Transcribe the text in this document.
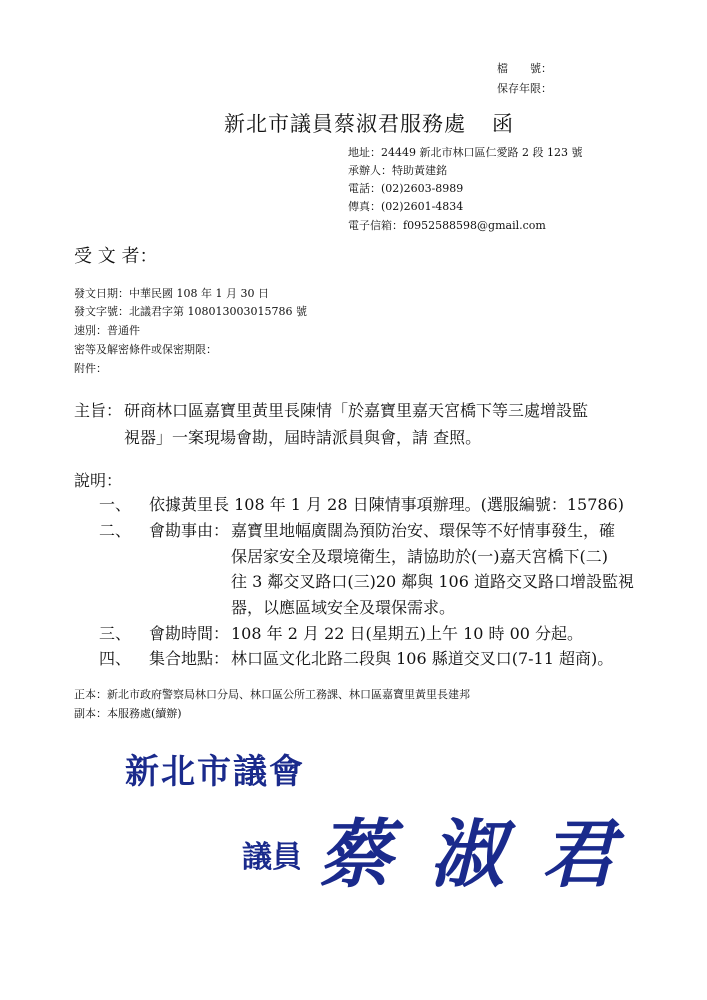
檔　　號：
保存年限：
新北市議員蔡淑君服務處 函
地址：24449 新北市林口區仁愛路 2 段 123 號
承辦人：特助黃建銘
電話：(02)2603-8989
傳真：(02)2601-4834
電子信箱：f0952588598@gmail.com
受 文 者：
發文日期：中華民國 108 年 1 月 30 日
發文字號：北議君字第 108013003015786 號
速別：普通件
密等及解密條件或保密期限：
附件：
主旨： 研商林口區嘉寶里黃里長陳情「於嘉寶里嘉天宮橋下等三處增設監
視器」一案現場會勘，屆時請派員與會，請 查照。
說明：
一、 依據黃里長 108 年 1 月 28 日陳情事項辦理。(選服編號：15786)
二、 會勘事由： 嘉寶里地幅廣闊為預防治安、環保等不好情事發生，確
保居家安全及環境衛生，請協助於(一)嘉天宮橋下(二)
往 3 鄰交叉路口(三)20 鄰與 106 道路交叉路口增設監視
器，以應區域安全及環保需求。
三、 會勘時間： 108 年 2 月 22 日(星期五)上午 10 時 00 分起。
四、 集合地點： 林口區文化北路二段與 106 縣道交叉口(7-11 超商)。
正本：新北市政府警察局林口分局、林口區公所工務課、林口區嘉寶里黃里長建邦
副本：本服務處(續辦)
新北市議會
議員 蔡 淑 君
